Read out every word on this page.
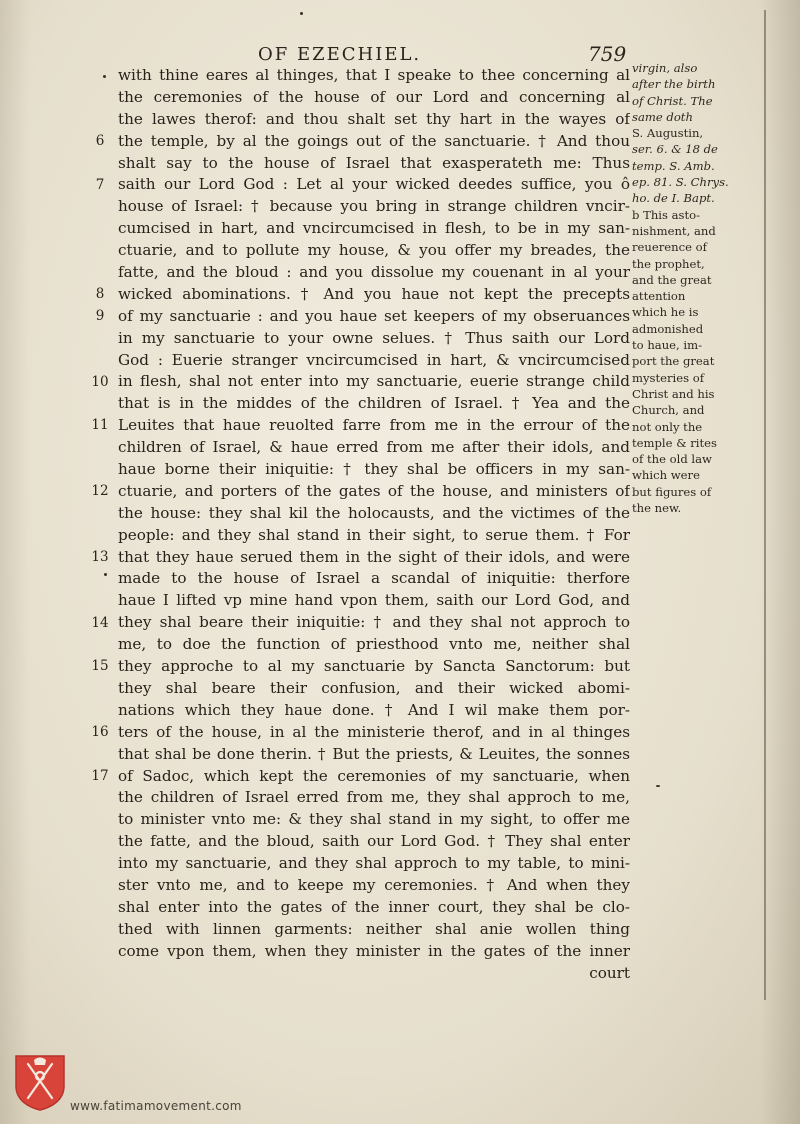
OF EZECHIEL.	759
6
7
8
9
10
11
12
13
14
15
16
17
with thine eares al thinges, that I speake to thee concerning al
the ceremonies of the house of our Lord and concerning al
the lawes therof: and thou shalt set thy hart in the wayes of
the temple, by al the goings out of the sanctuarie. † And thou
shalt say to the house of Israel that exasperateth me: Thus
saith our Lord God : Let al your wicked deedes suffice, you ô
house of Israel: † because you bring in strange children vncir-
cumcised in hart, and vncircumcised in flesh, to be in my san-
ctuarie, and to pollute my house, & you offer my breades, the
fatte, and the bloud : and you dissolue my couenant in al your
wicked abominations. † And you haue not kept the precepts
of my sanctuarie : and you haue set keepers of my obseruances
in my sanctuarie to your owne selues. † Thus saith our Lord
God : Euerie stranger vncircumcised in hart, & vncircumcised
in flesh, shal not enter into my sanctuarie, euerie strange child
that is in the middes of the children of Israel. † Yea and the
Leuites that haue reuolted farre from me in the errour of the
children of Israel, & haue erred from me after their idols, and
haue borne their iniquitie: † they shal be officers in my san-
ctuarie, and porters of the gates of the house, and ministers of
the house: they shal kil the holocausts, and the victimes of the
people: and they shal stand in their sight, to serue them. † For
that they haue serued them in the sight of their idols, and were
made to the house of Israel a scandal of iniquitie: therfore
haue I lifted vp mine hand vpon them, saith our Lord God, and
they shal beare their iniquitie: † and they shal not approch to
me, to doe the function of priesthood vnto me, neither shal
they approche to al my sanctuarie by Sancta Sanctorum: but
they shal beare their confusion, and their wicked abomi-
nations which they haue done. † And I wil make them por-
ters of the house, in al the ministerie therof, and in al thinges
that shal be done therin. † But the priests, & Leuites, the sonnes
of Sadoc, which kept the ceremonies of my sanctuarie, when
the children of Israel erred from me, they shal approch to me,
to minister vnto me: & they shal stand in my sight, to offer me
the fatte, and the bloud, saith our Lord God. † They shal enter
into my sanctuarie, and they shal approch to my table, to mini-
ster vnto me, and to keepe my ceremonies. † And when they
shal enter into the gates of the inner court, they shal be clo-
thed with linnen garments: neither shal anie wollen thing
come vpon them, when they minister in the gates of the inner
court
virgin, also
after the birth
of Christ. The
same doth
S. Augustin,
ser. 6. & 18 de
temp. S. Amb.
ep. 81. S. Chrys.
ho. de I. Bapt.
b This asto-
nishment, and
reuerence of
the prophet,
and the great
attention
which he is
admonished
to haue, im-
port the great
mysteries of
Christ and his
Church, and
not only the
temple & rites
of the old law
which were
but figures of
the new.
www.fatimamovement.com
